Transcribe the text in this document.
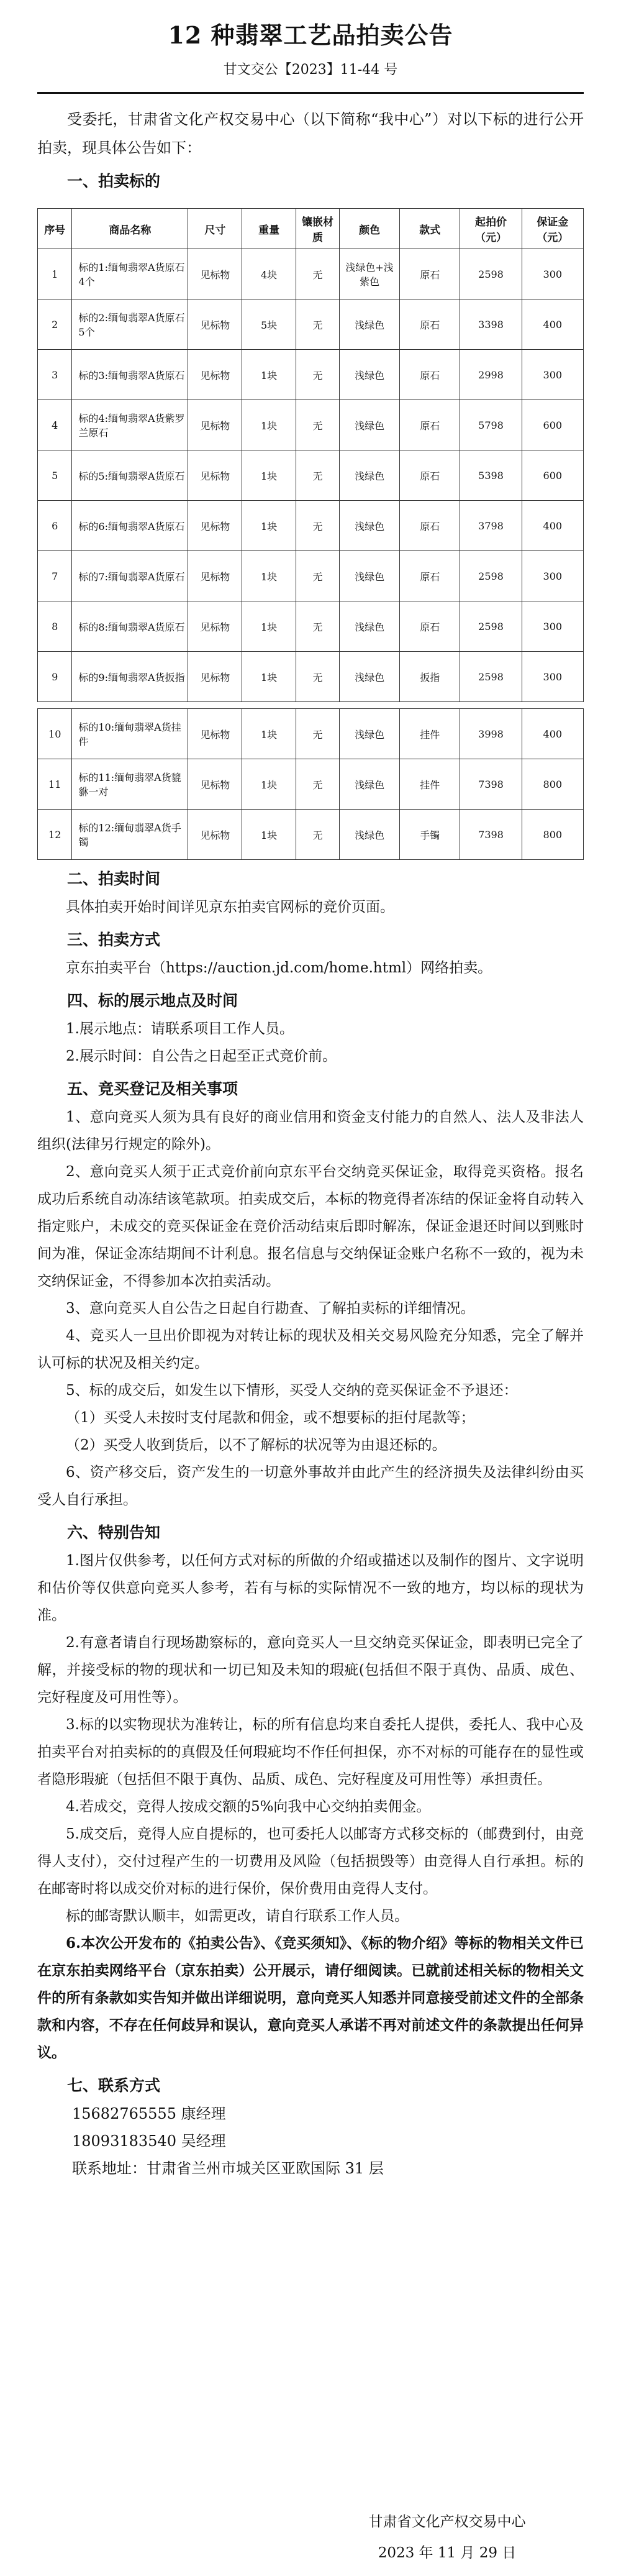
12 种翡翠工艺品拍卖公告
甘文交公【2023】11-44 号

受委托，甘肃省文化产权交易中心（以下简称“我中心”）对以下标的进行公开拍卖，现具体公告如下：

一、拍卖标的
序号	商品名称	尺寸	重量	镶嵌材质	颜色	款式	起拍价（元）	保证金（元）
1	标的1:缅甸翡翠A货原石4个	见标物	4块	无	浅绿色+浅紫色	原石	2598	300
2	标的2:缅甸翡翠A货原石5个	见标物	5块	无	浅绿色	原石	3398	400
3	标的3:缅甸翡翠A货原石	见标物	1块	无	浅绿色	原石	2998	300
4	标的4:缅甸翡翠A货紫罗兰原石	见标物	1块	无	浅绿色	原石	5798	600
5	标的5:缅甸翡翠A货原石	见标物	1块	无	浅绿色	原石	5398	600
6	标的6:缅甸翡翠A货原石	见标物	1块	无	浅绿色	原石	3798	400
7	标的7:缅甸翡翠A货原石	见标物	1块	无	浅绿色	原石	2598	300
8	标的8:缅甸翡翠A货原石	见标物	1块	无	浅绿色	原石	2598	300
9	标的9:缅甸翡翠A货扳指	见标物	1块	无	浅绿色	扳指	2598	300

10	标的10:缅甸翡翠A货挂件	见标物	1块	无	浅绿色	挂件	3998	400
11	标的11:缅甸翡翠A货貔貅一对	见标物	1块	无	浅绿色	挂件	7398	800
12	标的12:缅甸翡翠A货手镯	见标物	1块	无	浅绿色	手镯	7398	800
二、拍卖时间

具体拍卖开始时间详见京东拍卖官网标的竞价页面。

三、拍卖方式

京东拍卖平台（https://auction.jd.com/home.html）网络拍卖。

四、标的展示地点及时间

1.展示地点：请联系项目工作人员。

2.展示时间：自公告之日起至正式竞价前。

五、竞买登记及相关事项

1、意向竞买人须为具有良好的商业信用和资金支付能力的自然人、法人及非法人组织(法律另行规定的除外)。

2、意向竞买人须于正式竞价前向京东平台交纳竞买保证金，取得竞买资格。报名成功后系统自动冻结该笔款项。拍卖成交后，本标的物竞得者冻结的保证金将自动转入指定账户，未成交的竞买保证金在竞价活动结束后即时解冻，保证金退还时间以到账时间为准，保证金冻结期间不计利息。报名信息与交纳保证金账户名称不一致的，视为未交纳保证金，不得参加本次拍卖活动。

3、意向竞买人自公告之日起自行勘查、了解拍卖标的详细情况。

4、竞买人一旦出价即视为对转让标的现状及相关交易风险充分知悉，完全了解并认可标的状况及相关约定。

5、标的成交后，如发生以下情形，买受人交纳的竞买保证金不予退还：

（1）买受人未按时支付尾款和佣金，或不想要标的拒付尾款等；

（2）买受人收到货后，以不了解标的状况等为由退还标的。

6、资产移交后，资产发生的一切意外事故并由此产生的经济损失及法律纠纷由买受人自行承担。

六、特别告知

1.图片仅供参考，以任何方式对标的所做的介绍或描述以及制作的图片、文字说明和估价等仅供意向竞买人参考，若有与标的实际情况不一致的地方，均以标的现状为准。

2.有意者请自行现场勘察标的，意向竞买人一旦交纳竞买保证金，即表明已完全了解，并接受标的物的现状和一切已知及未知的瑕疵(包括但不限于真伪、品质、成色、完好程度及可用性等）。

3.标的以实物现状为准转让，标的所有信息均来自委托人提供，委托人、我中心及拍卖平台对拍卖标的的真假及任何瑕疵均不作任何担保，亦不对标的可能存在的显性或者隐形瑕疵（包括但不限于真伪、品质、成色、完好程度及可用性等）承担责任。

4.若成交，竞得人按成交额的5%向我中心交纳拍卖佣金。

5.成交后，竞得人应自提标的，也可委托人以邮寄方式移交标的（邮费到付，由竞得人支付），交付过程产生的一切费用及风险（包括损毁等）由竞得人自行承担。标的在邮寄时将以成交价对标的进行保价，保价费用由竞得人支付。

标的邮寄默认顺丰，如需更改，请自行联系工作人员。

6.本次公开发布的《拍卖公告》、《竞买须知》、《标的物介绍》等标的物相关文件已在京东拍卖网络平台（京东拍卖）公开展示，请仔细阅读。已就前述相关标的物相关文件的所有条款如实告知并做出详细说明，意向竞买人知悉并同意接受前述文件的全部条款和内容，不存在任何歧异和误认，意向竞买人承诺不再对前述文件的条款提出任何异议。

七、联系方式
15682765555 康经理
18093183540 吴经理
联系地址：甘肃省兰州市城关区亚欧国际 31 层
甘肃省文化产权交易中心
2023 年 11 月 29 日
